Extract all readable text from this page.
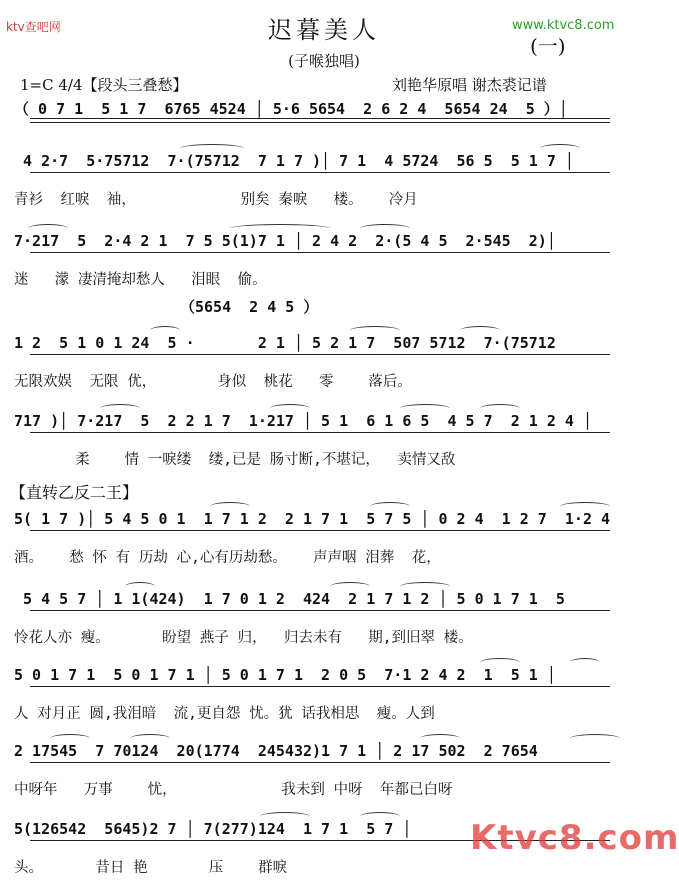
ktv查吧网	www.ktvc8.com
迟暮美人
(一)
(子喉独唱)
1=C 4/4【段头三叠愁】	刘艳华原唱 谢杰裘记谱
（ 0 7 1  5 1 7  6765 4524 │ 5·6 5654  2 6 2 4  5654 24  5 ）│
4 2·7  5·75712  7·(75712  7 1 7 )│ 7 1  4 5724  56 5  5 1 7 │
青衫  红唳  袖，            别矣 秦唳   楼。   冷月
7·217  5  2·4 2 1  7 5 5(1)7 1 │ 2 4 2  2·(5 4 5  2·545  2)│
迷   濛 凄清掩却愁人   泪眼  偷。
（5654  2 4 5 ）
1 2  5 1 0 1 24  5 ·       2 1 │ 5 2 1 7  507 5712  7·(75712
无限欢娱  无限 优，       身似  桃花   零    落后。
717 )│ 7·217  5  2 2 1 7  1·217 │ 5 1  6 1 6 5  4 5 7  2 1 2 4 │
柔    情 一唳缕  缕,已是 肠寸断,不堪记，  卖情又敌
【直转乙反二王】
5( 1 7 )│ 5 4 5 0 1  1 7 1 2  2 1 7 1  5 7 5 │ 0 2 4  1 2 7  1·2 4
酒。   愁 怀 有 历劫 心,心有历劫愁。   声声咽 泪葬  花，
5 4 5 7 │ 1 1(424)  1 7 0 1 2  424  2 1 7 1 2 │ 5 0 1 7 1  5
怜花人亦 瘦。      盼望 燕子 归，  归去未有   期,到旧翠 楼。
5 0 1 7 1  5 0 1 7 1 │ 5 0 1 7 1  2 0 5  7·1 2 4 2  1  5 1 │
人 对月正 圆,我泪暗  流,更自怨 忧。犹 话我相思  瘦。人到
2 17545  7 70124  20(1774  245432)1 7 1 │ 2 17 502  2 7654
中呀年   万事    忧，            我未到 中呀  年都已白呀
5(126542  5645)2 7 │ 7(277)124  1 7 1  5 7 │
头。      昔日 艳       压    群唳
Ktvc8.com
